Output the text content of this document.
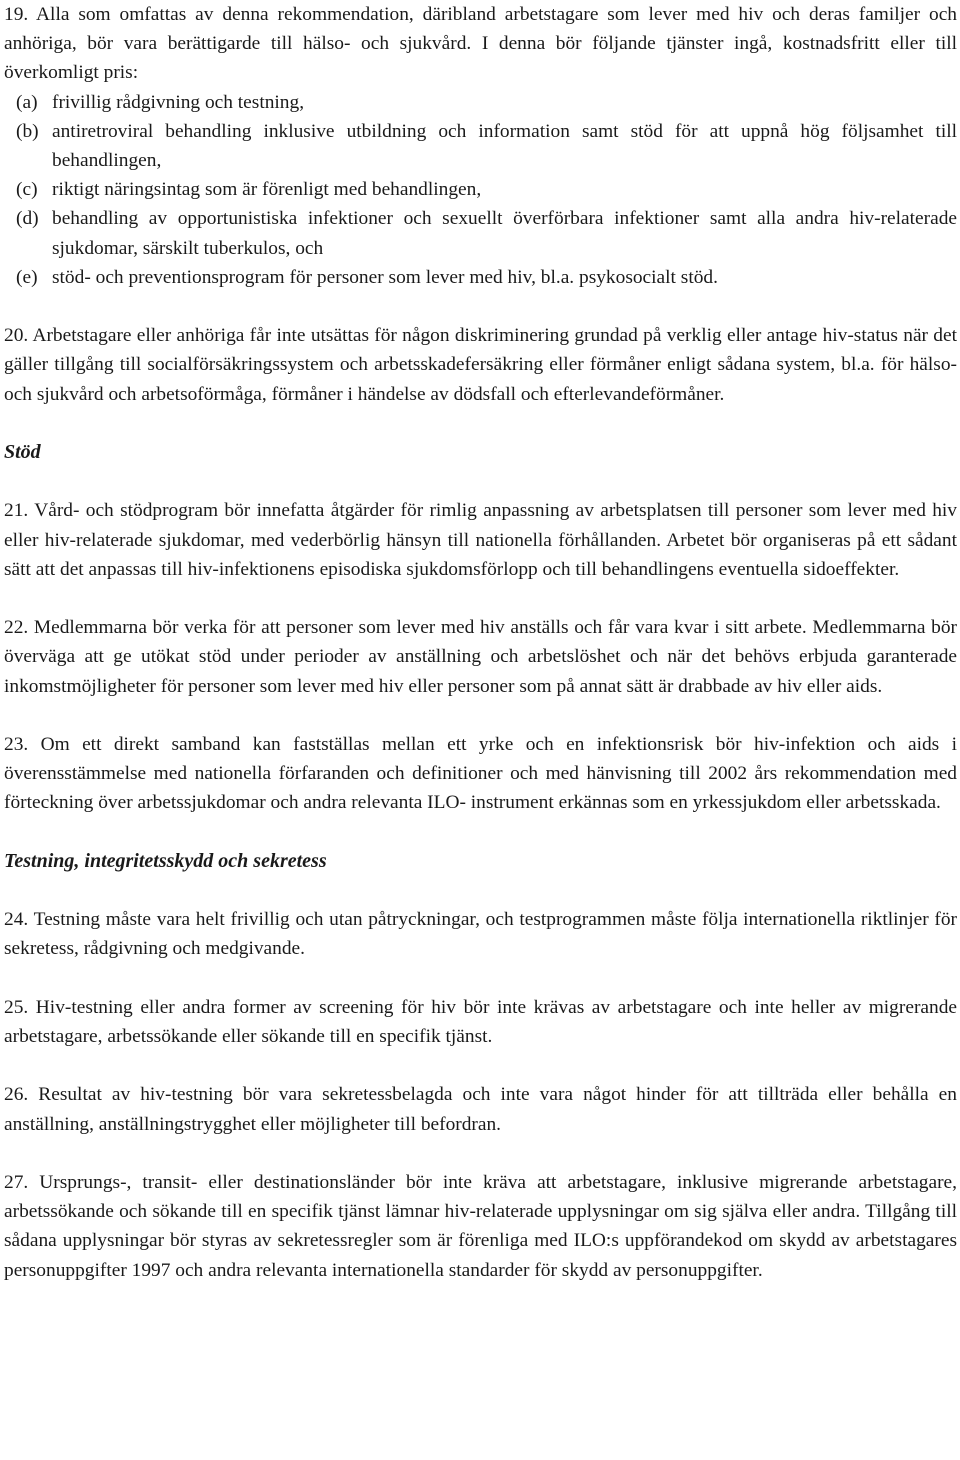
19. Alla som omfattas av denna rekommendation, däribland arbetstagare som lever med hiv och deras familjer och anhöriga, bör vara berättigarde till hälso- och sjukvård. I denna bör följande tjänster ingå, kostnadsfritt eller till överkomligt pris:

(a) frivillig rådgivning och testning,
(b) antiretroviral behandling inklusive utbildning och information samt stöd för att uppnå hög följsamhet till behandlingen,
(c) riktigt näringsintag som är förenligt med behandlingen,
(d) behandling av opportunistiska infektioner och sexuellt överförbara infektioner samt alla andra hiv-relaterade sjukdomar, särskilt tuberkulos, och
(e) stöd- och preventionsprogram för personer som lever med hiv, bl.a. psykosocialt stöd.

20. Arbetstagare eller anhöriga får inte utsättas för någon diskriminering grundad på verklig eller antage hiv-status när det gäller tillgång till socialförsäkringssystem och arbetsskadefersäkring eller förmåner enligt sådana system, bl.a. för hälso- och sjukvård och arbetsoförmåga, förmåner i händelse av dödsfall och efterlevandeförmåner.

Stöd

21. Vård- och stödprogram bör innefatta åtgärder för rimlig anpassning av arbetsplatsen till personer som lever med hiv eller hiv-relaterade sjukdomar, med vederbörlig hänsyn till nationella förhållanden. Arbetet bör organiseras på ett sådant sätt att det anpassas till hiv-infektionens episodiska sjukdomsförlopp och till behandlingens eventuella sidoeffekter.

22. Medlemmarna bör verka för att personer som lever med hiv anställs och får vara kvar i sitt arbete. Medlemmarna bör överväga att ge utökat stöd under perioder av anställning och arbetslöshet och när det behövs erbjuda garanterade inkomstmöjligheter för personer som lever med hiv eller personer som på annat sätt är drabbade av hiv eller aids.

23. Om ett direkt samband kan fastställas mellan ett yrke och en infektionsrisk bör hiv-infektion och aids i överensstämmelse med nationella förfaranden och definitioner och med hänvisning till 2002 års rekommendation med förteckning över arbetssjukdomar och andra relevanta ILO- instrument erkännas som en yrkessjukdom eller arbetsskada.

Testning, integritetsskydd och sekretess

24. Testning måste vara helt frivillig och utan påtryckningar, och testprogrammen måste följa internationella riktlinjer för sekretess, rådgivning och medgivande.

25. Hiv-testning eller andra former av screening för hiv bör inte krävas av arbetstagare och inte heller av migrerande arbetstagare, arbetssökande eller sökande till en specifik tjänst.

26. Resultat av hiv-testning bör vara sekretessbelagda och inte vara något hinder för att tillträda eller behålla en anställning, anställningstrygghet eller möjligheter till befordran.

27. Ursprungs-, transit- eller destinationsländer bör inte kräva att arbetstagare, inklusive migrerande arbetstagare, arbetssökande och sökande till en specifik tjänst lämnar hiv-relaterade upplysningar om sig själva eller andra. Tillgång till sådana upplysningar bör styras av sekretessregler som är förenliga med ILO:s uppförandekod om skydd av arbetstagares personuppgifter 1997 och andra relevanta internationella standarder för skydd av personuppgifter.
